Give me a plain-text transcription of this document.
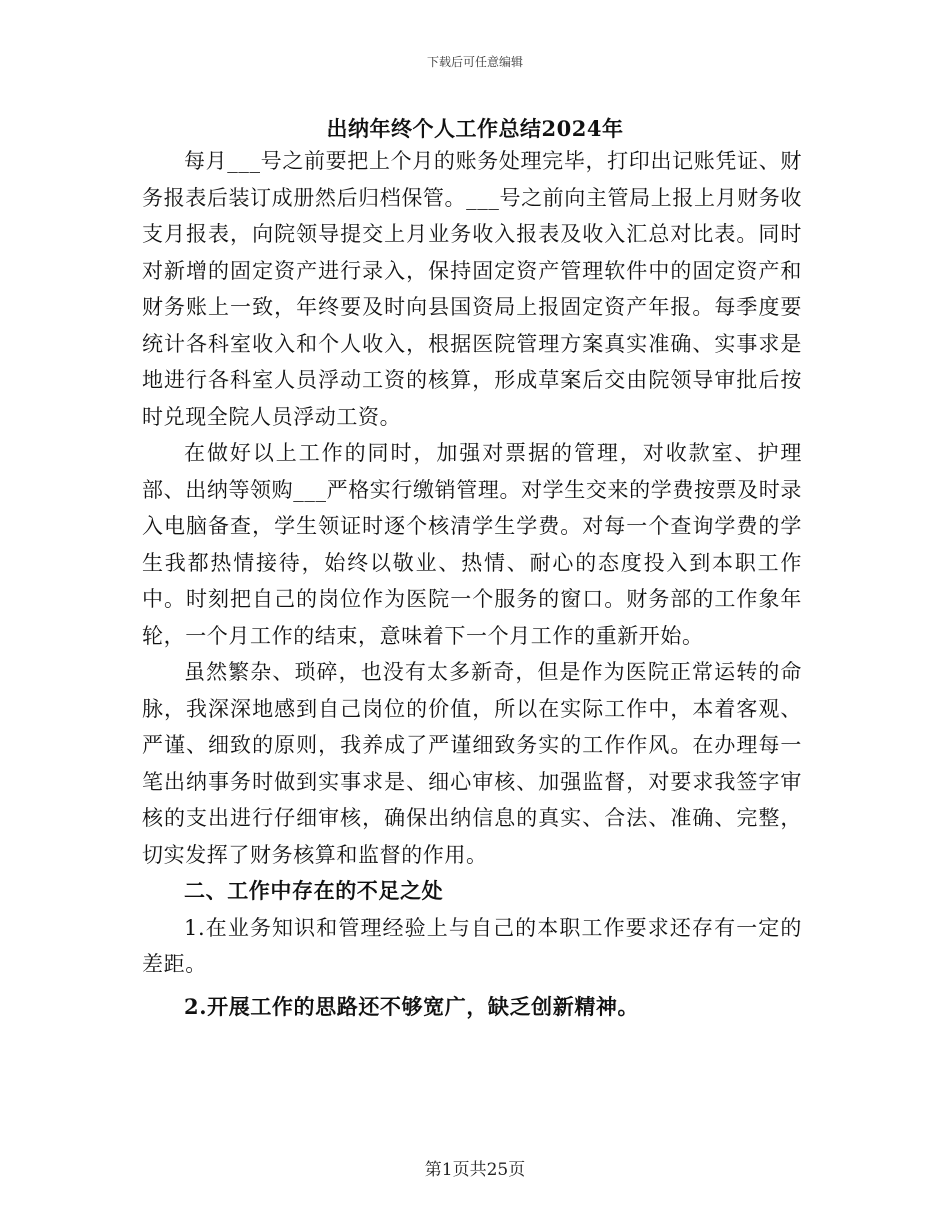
下载后可任意编辑
出纳年终个人工作总结2024年

每月___号之前要把上个月的账务处理完毕，打印出记账凭证、财务报表后装订成册然后归档保管。___号之前向主管局上报上月财务收支月报表，向院领导提交上月业务收入报表及收入汇总对比表。同时对新增的固定资产进行录入，保持固定资产管理软件中的固定资产和财务账上一致，年终要及时向县国资局上报固定资产年报。每季度要统计各科室收入和个人收入，根据医院管理方案真实准确、实事求是地进行各科室人员浮动工资的核算，形成草案后交由院领导审批后按时兑现全院人员浮动工资。

在做好以上工作的同时，加强对票据的管理，对收款室、护理部、出纳等领购___严格实行缴销管理。对学生交来的学费按票及时录入电脑备查，学生领证时逐个核清学生学费。对每一个查询学费的学生我都热情接待，始终以敬业、热情、耐心的态度投入到本职工作中。时刻把自己的岗位作为医院一个服务的窗口。财务部的工作象年轮，一个月工作的结束，意味着下一个月工作的重新开始。

虽然繁杂、琐碎，也没有太多新奇，但是作为医院正常运转的命脉，我深深地感到自己岗位的价值，所以在实际工作中，本着客观、严谨、细致的原则，我养成了严谨细致务实的工作作风。在办理每一笔出纳事务时做到实事求是、细心审核、加强监督，对要求我签字审核的支出进行仔细审核，确保出纳信息的真实、合法、准确、完整，切实发挥了财务核算和监督的作用。

二、工作中存在的不足之处

1.在业务知识和管理经验上与自己的本职工作要求还存有一定的差距。

2.开展工作的思路还不够宽广，缺乏创新精神。

第1页共25页
